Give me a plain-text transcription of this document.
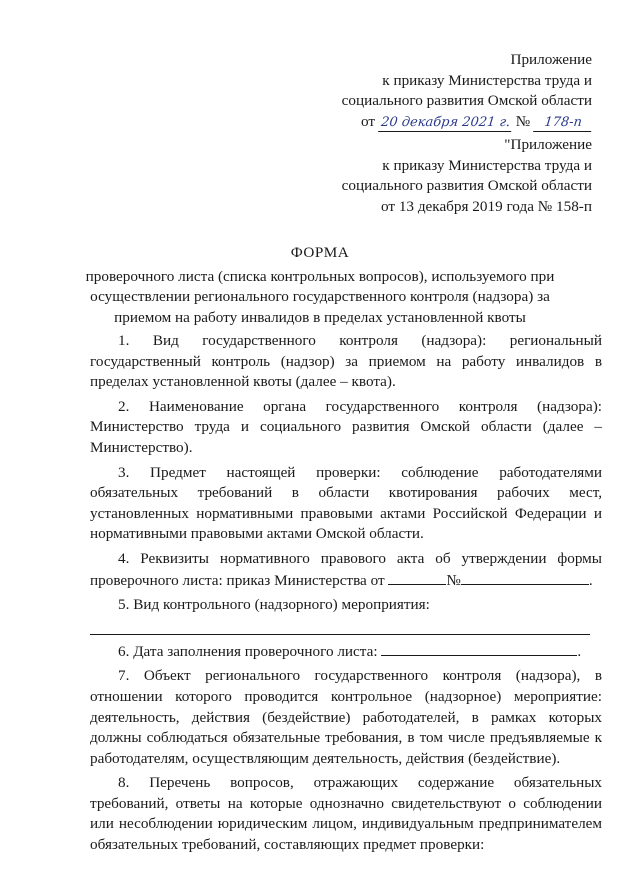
Приложение
к приказу Министерства труда и
социального развития Омской области
от 20 декабря 2021 г. № 178-п
"Приложение
к приказу Министерства труда и
социального развития Омской области
от 13 декабря 2019 года № 158-п
ФОРМА
проверочного листа (списка контрольных вопросов), используемого при
осуществлении регионального государственного контроля (надзора) за
приемом на работу инвалидов в пределах установленной квоты
1. Вид государственного контроля (надзора): региональный
государственный контроль (надзор) за приемом на работу инвалидов в
пределах установленной квоты (далее – квота).
2. Наименование органа государственного контроля (надзора):
Министерство труда и социального развития Омской области (далее –
Министерство).
3. Предмет настоящей проверки: соблюдение работодателями
обязательных требований в области квотирования рабочих мест,
установленных нормативными правовыми актами Российской Федерации и
нормативными правовыми актами Омской области.
4. Реквизиты нормативного правового акта об утверждении формы
проверочного листа: приказ Министерства от	№	.
5. Вид контрольного (надзорного) мероприятия:
6. Дата заполнения проверочного листа:	.
7. Объект регионального государственного контроля (надзора), в
отношении которого проводится контрольное (надзорное) мероприятие:
деятельность, действия (бездействие) работодателей, в рамках которых
должны соблюдаться обязательные требования, в том числе предъявляемые к
работодателям, осуществляющим деятельность, действия (бездействие).
8. Перечень вопросов, отражающих содержание обязательных
требований, ответы на которые однозначно свидетельствуют о соблюдении
или несоблюдении юридическим лицом, индивидуальным предпринимателем
обязательных требований, составляющих предмет проверки:
